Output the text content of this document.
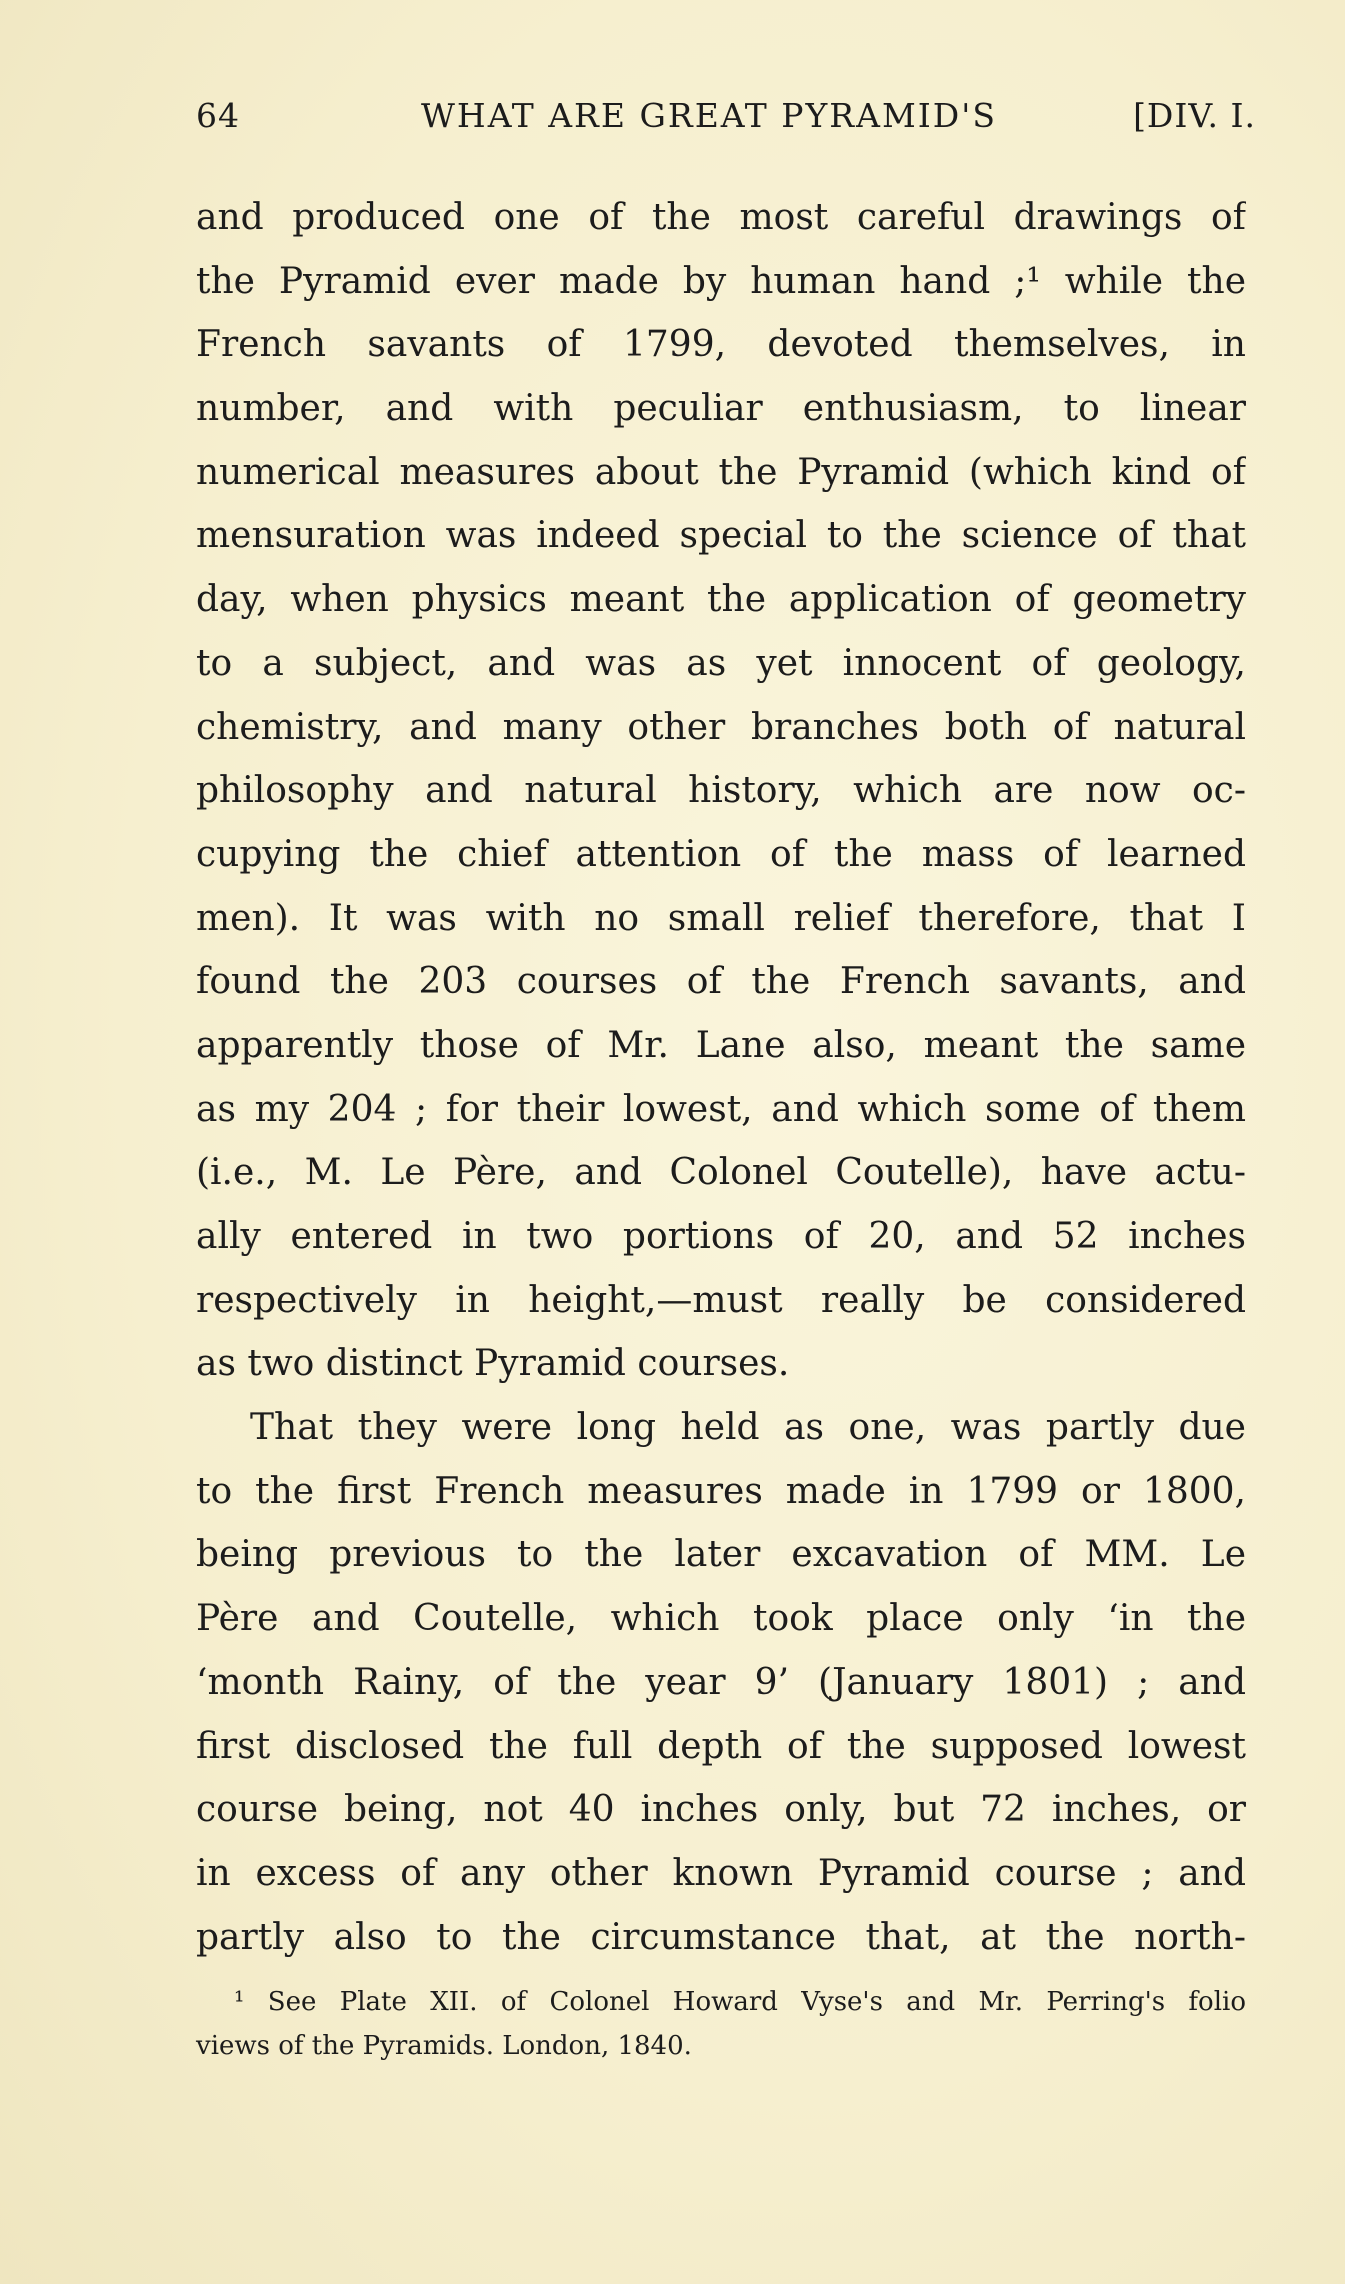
64	WHAT ARE GREAT PYRAMID'S	[DIV. I.
and produced one of the most careful drawings of
the Pyramid ever made by human hand ;¹ while the
French savants of 1799, devoted themselves, in
number, and with peculiar enthusiasm, to linear
numerical measures about the Pyramid (which kind of
mensuration was indeed special to the science of that
day, when physics meant the application of geometry
to a subject, and was as yet innocent of geology,
chemistry, and many other branches both of natural
philosophy and natural history, which are now oc-
cupying the chief attention of the mass of learned
men). It was with no small relief therefore, that I
found the 203 courses of the French savants, and
apparently those of Mr. Lane also, meant the same
as my 204 ; for their lowest, and which some of them
(i.e., M. Le Père, and Colonel Coutelle), have actu-
ally entered in two portions of 20, and 52 inches
respectively in height,—must really be considered
as two distinct Pyramid courses.
That they were long held as one, was partly due
to the first French measures made in 1799 or 1800,
being previous to the later excavation of MM. Le
Père and Coutelle, which took place only ‘in the
‘month Rainy, of the year 9’ (January 1801) ; and
first disclosed the full depth of the supposed lowest
course being, not 40 inches only, but 72 inches, or
in excess of any other known Pyramid course ; and
partly also to the circumstance that, at the north-
¹ See Plate XII. of Colonel Howard Vyse's and Mr. Perring's folio
views of the Pyramids. London, 1840.
